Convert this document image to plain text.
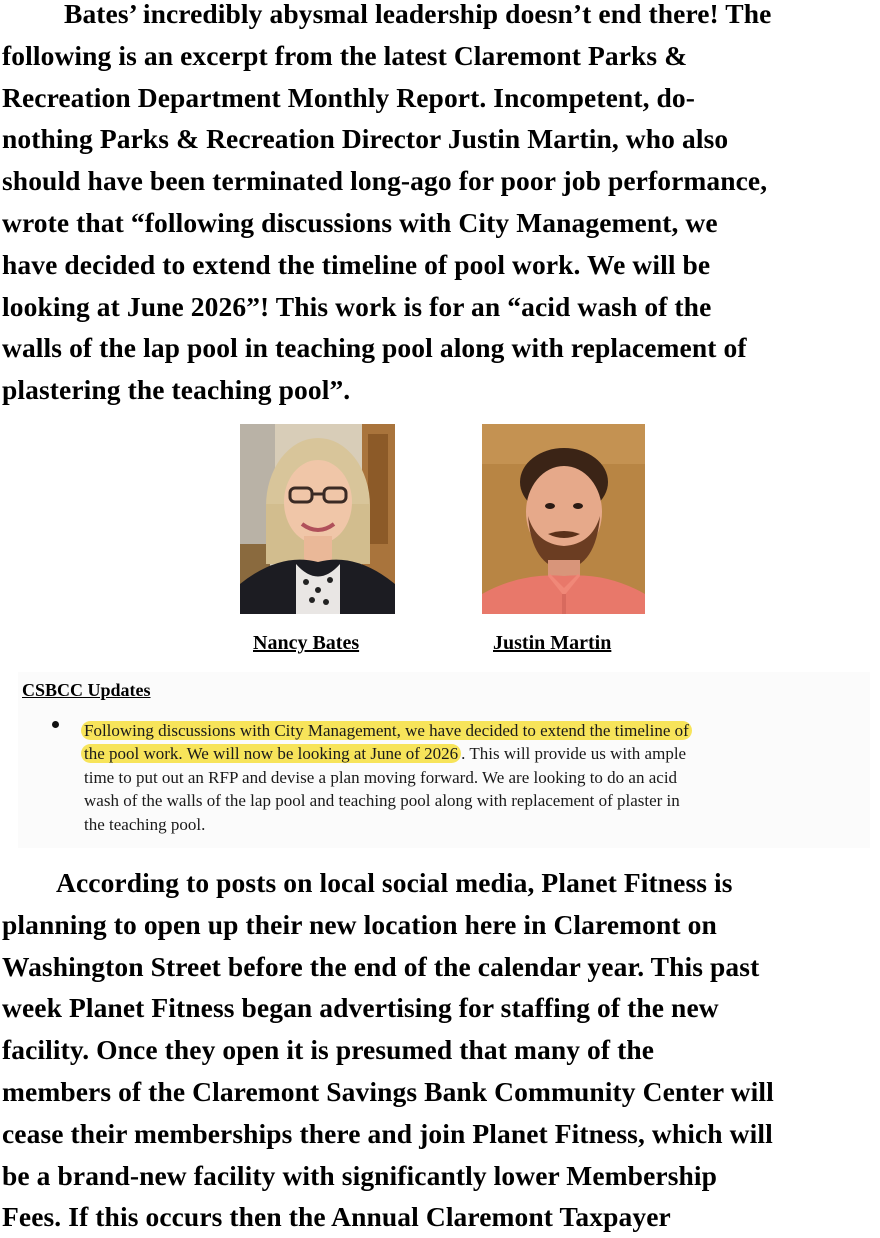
Bates’ incredibly abysmal leadership doesn’t end there! The
following is an excerpt from the latest Claremont Parks &
Recreation Department Monthly Report. Incompetent, do-
nothing Parks & Recreation Director Justin Martin, who also
should have been terminated long-ago for poor job performance,
wrote that “following discussions with City Management, we
have decided to extend the timeline of pool work. We will be
looking at June 2026”! This work is for an “acid wash of the
walls of the lap pool in teaching pool along with replacement of
plastering the teaching pool”.
Nancy Bates	Justin Martin
CSBCC Updates
Following discussions with City Management, we have decided to extend the timeline of
the pool work. We will now be looking at June of 2026 . This will provide us with ample
time to put out an RFP and devise a plan moving forward. We are looking to do an acid
wash of the walls of the lap pool and teaching pool along with replacement of plaster in
the teaching pool.
According to posts on local social media, Planet Fitness is
planning to open up their new location here in Claremont on
Washington Street before the end of the calendar year. This past
week Planet Fitness began advertising for staffing of the new
facility. Once they open it is presumed that many of the
members of the Claremont Savings Bank Community Center will
cease their memberships there and join Planet Fitness, which will
be a brand-new facility with significantly lower Membership
Fees. If this occurs then the Annual Claremont Taxpayer
